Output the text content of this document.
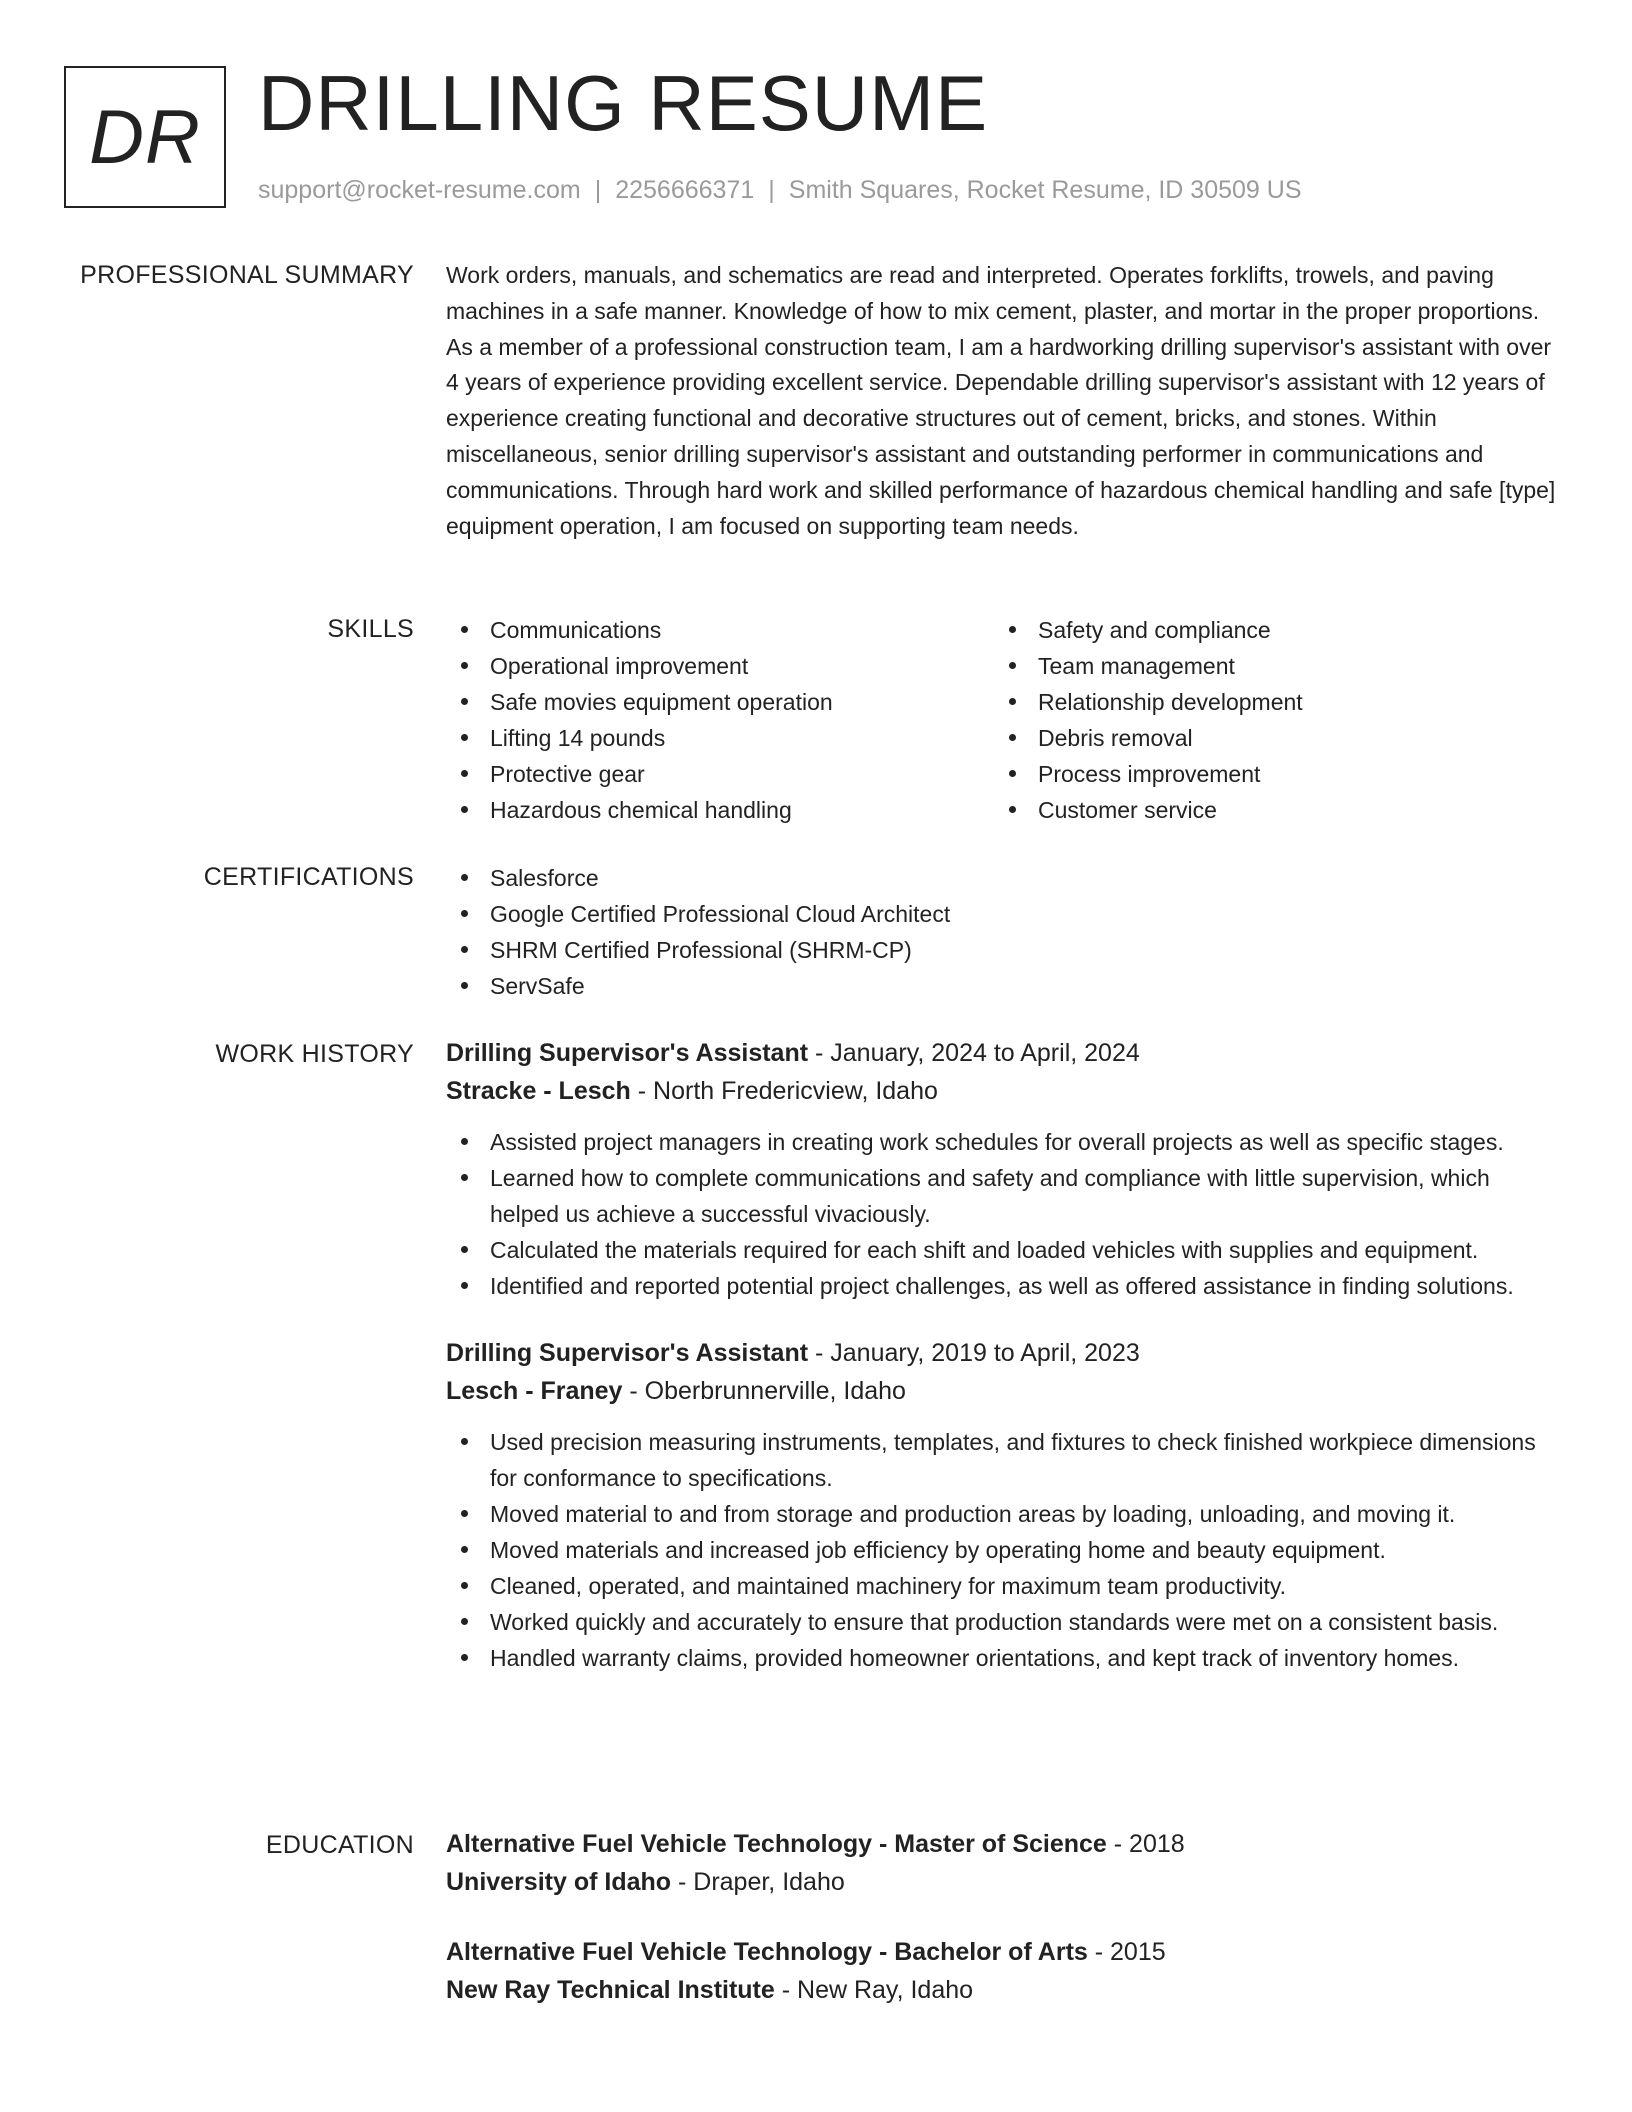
DR DRILLING RESUME
support@rocket-resume.com | 2256666371 | Smith Squares, Rocket Resume, ID 30509 US
PROFESSIONAL SUMMARY Work orders, manuals, and schematics are read and interpreted. Operates forklifts, trowels, and paving machines in a safe manner. Knowledge of how to mix cement, plaster, and mortar in the proper proportions. As a member of a professional construction team, I am a hardworking drilling supervisor's assistant with over 4 years of experience providing excellent service. Dependable drilling supervisor's assistant with 12 years of experience creating functional and decorative structures out of cement, bricks, and stones. Within miscellaneous, senior drilling supervisor's assistant and outstanding performer in communications and communications. Through hard work and skilled performance of hazardous chemical handling and safe [type] equipment operation, I am focused on supporting team needs.
SKILLS	Communications
Operational improvement
Safe movies equipment operation
Lifting 14 pounds
Protective gear
Hazardous chemical handling
Safety and compliance
Team management
Relationship development
Debris removal
Process improvement
Customer service
CERTIFICATIONS	Salesforce
Google Certified Professional Cloud Architect
SHRM Certified Professional (SHRM-CP)
ServSafe
WORK HISTORY Drilling Supervisor's Assistant - January, 2024 to April, 2024
Stracke - Lesch - North Fredericview, Idaho
Assisted project managers in creating work schedules for overall projects as well as specific stages.
Learned how to complete communications and safety and compliance with little supervision, which helped us achieve a successful vivaciously.
Calculated the materials required for each shift and loaded vehicles with supplies and equipment.
Identified and reported potential project challenges, as well as offered assistance in finding solutions.
Drilling Supervisor's Assistant - January, 2019 to April, 2023
Lesch - Franey - Oberbrunnerville, Idaho
Used precision measuring instruments, templates, and fixtures to check finished workpiece dimensions for conformance to specifications.
Moved material to and from storage and production areas by loading, unloading, and moving it.
Moved materials and increased job efficiency by operating home and beauty equipment.
Cleaned, operated, and maintained machinery for maximum team productivity.
Worked quickly and accurately to ensure that production standards were met on a consistent basis.
Handled warranty claims, provided homeowner orientations, and kept track of inventory homes.
EDUCATION Alternative Fuel Vehicle Technology - Master of Science - 2018
University of Idaho - Draper, Idaho
Alternative Fuel Vehicle Technology - Bachelor of Arts - 2015
New Ray Technical Institute - New Ray, Idaho
